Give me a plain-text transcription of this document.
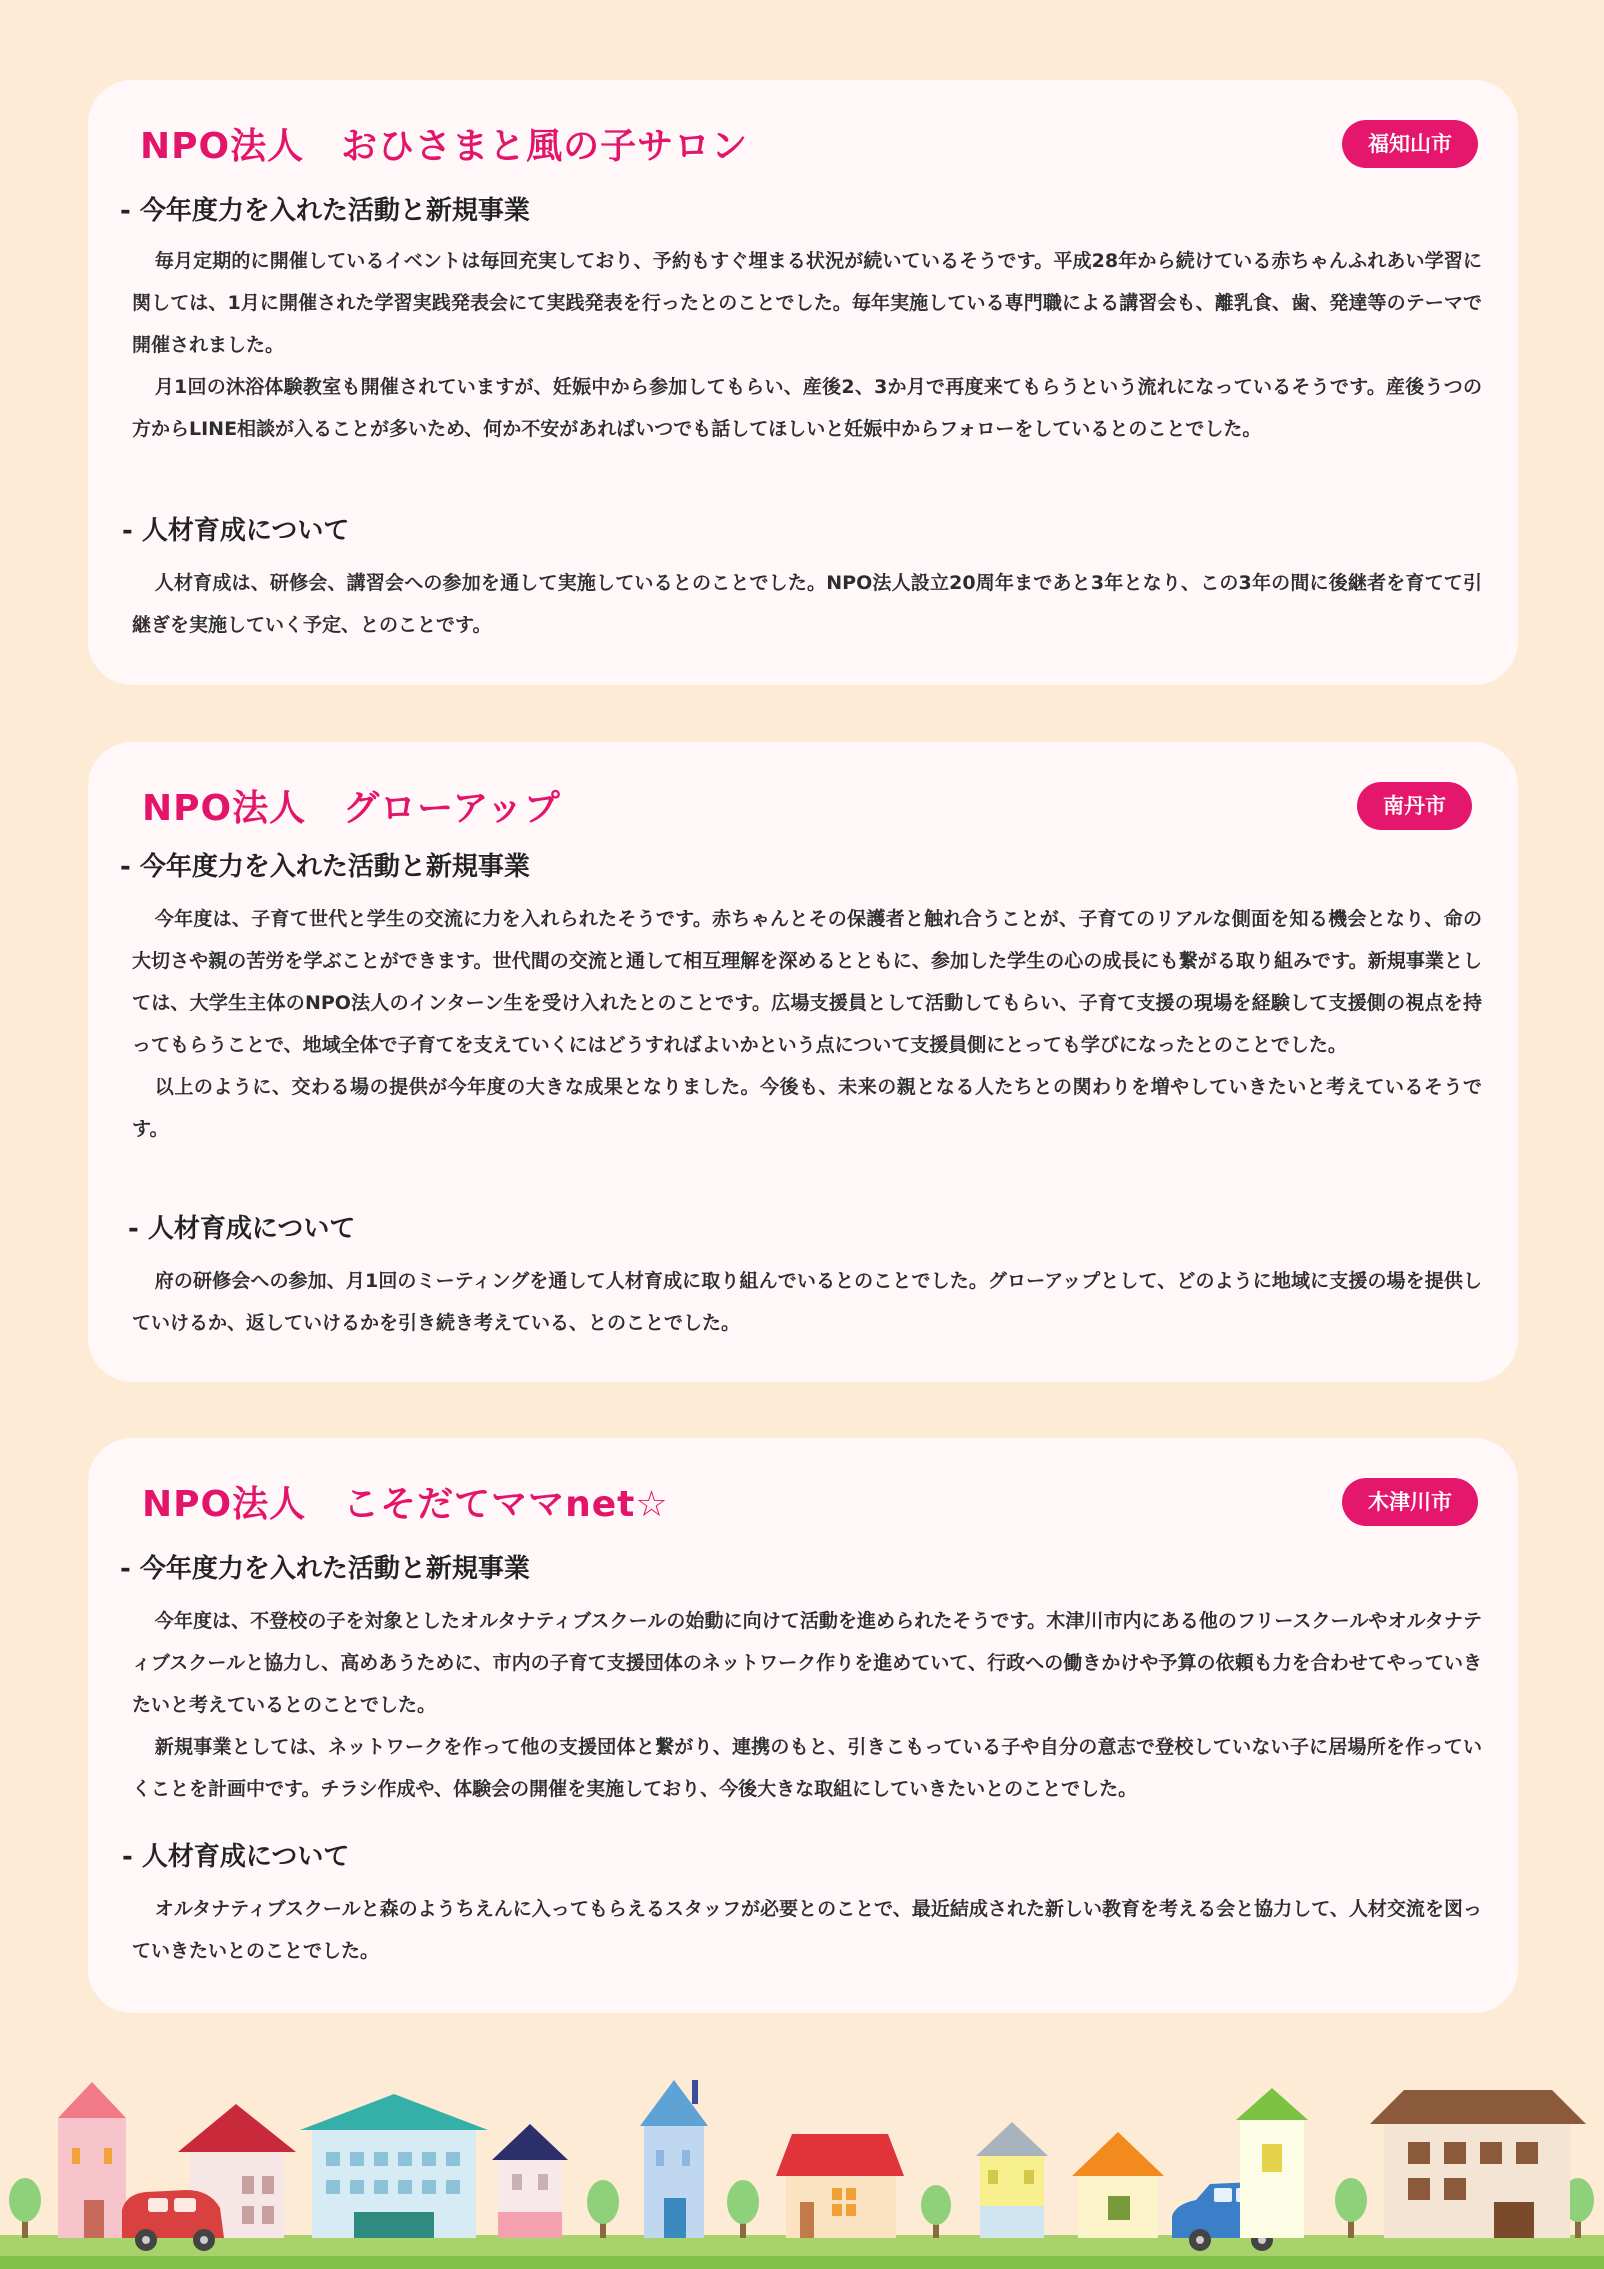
NPO法人　おひさまと風の子サロン	福知山市
- 今年度力を入れた活動と新規事業

毎月定期的に開催しているイベントは毎回充実しており、予約もすぐ埋まる状況が続いているそうです。平成28年から続けている赤ちゃんふれあい学習に関しては、1月に開催された学習実践発表会にて実践発表を行ったとのことでした。毎年実施している専門職による講習会も、離乳食、歯、発達等のテーマで開催されました。

月1回の沐浴体験教室も開催されていますが、妊娠中から参加してもらい、産後2、3か月で再度来てもらうという流れになっているそうです。産後うつの方からLINE相談が入ることが多いため、何か不安があればいつでも話してほしいと妊娠中からフォローをしているとのことでした。

- 人材育成について

人材育成は、研修会、講習会への参加を通して実施しているとのことでした。NPO法人設立20周年まであと3年となり、この3年の間に後継者を育てて引継ぎを実施していく予定、とのことです。

NPO法人　グローアップ	南丹市
- 今年度力を入れた活動と新規事業

今年度は、子育て世代と学生の交流に力を入れられたそうです。赤ちゃんとその保護者と触れ合うことが、子育てのリアルな側面を知る機会となり、命の大切さや親の苦労を学ぶことができます。世代間の交流と通して相互理解を深めるとともに、参加した学生の心の成長にも繋がる取り組みです。新規事業としては、大学生主体のNPO法人のインターン生を受け入れたとのことです。広場支援員として活動してもらい、子育て支援の現場を経験して支援側の視点を持ってもらうことで、地域全体で子育てを支えていくにはどうすればよいかという点について支援員側にとっても学びになったとのことでした。

以上のように、交わる場の提供が今年度の大きな成果となりました。今後も、未来の親となる人たちとの関わりを増やしていきたいと考えているそうです。

- 人材育成について

府の研修会への参加、月1回のミーティングを通して人材育成に取り組んでいるとのことでした。グローアップとして、どのように地域に支援の場を提供していけるか、返していけるかを引き続き考えている、とのことでした。

NPO法人　こそだてママnet☆	木津川市
- 今年度力を入れた活動と新規事業

今年度は、不登校の子を対象としたオルタナティブスクールの始動に向けて活動を進められたそうです。木津川市内にある他のフリースクールやオルタナティブスクールと協力し、高めあうために、市内の子育て支援団体のネットワーク作りを進めていて、行政への働きかけや予算の依頼も力を合わせてやっていきたいと考えているとのことでした。

新規事業としては、ネットワークを作って他の支援団体と繋がり、連携のもと、引きこもっている子や自分の意志で登校していない子に居場所を作っていくことを計画中です。チラシ作成や、体験会の開催を実施しており、今後大きな取組にしていきたいとのことでした。

- 人材育成について

オルタナティブスクールと森のようちえんに入ってもらえるスタッフが必要とのことで、最近結成された新しい教育を考える会と協力して、人材交流を図っていきたいとのことでした。
